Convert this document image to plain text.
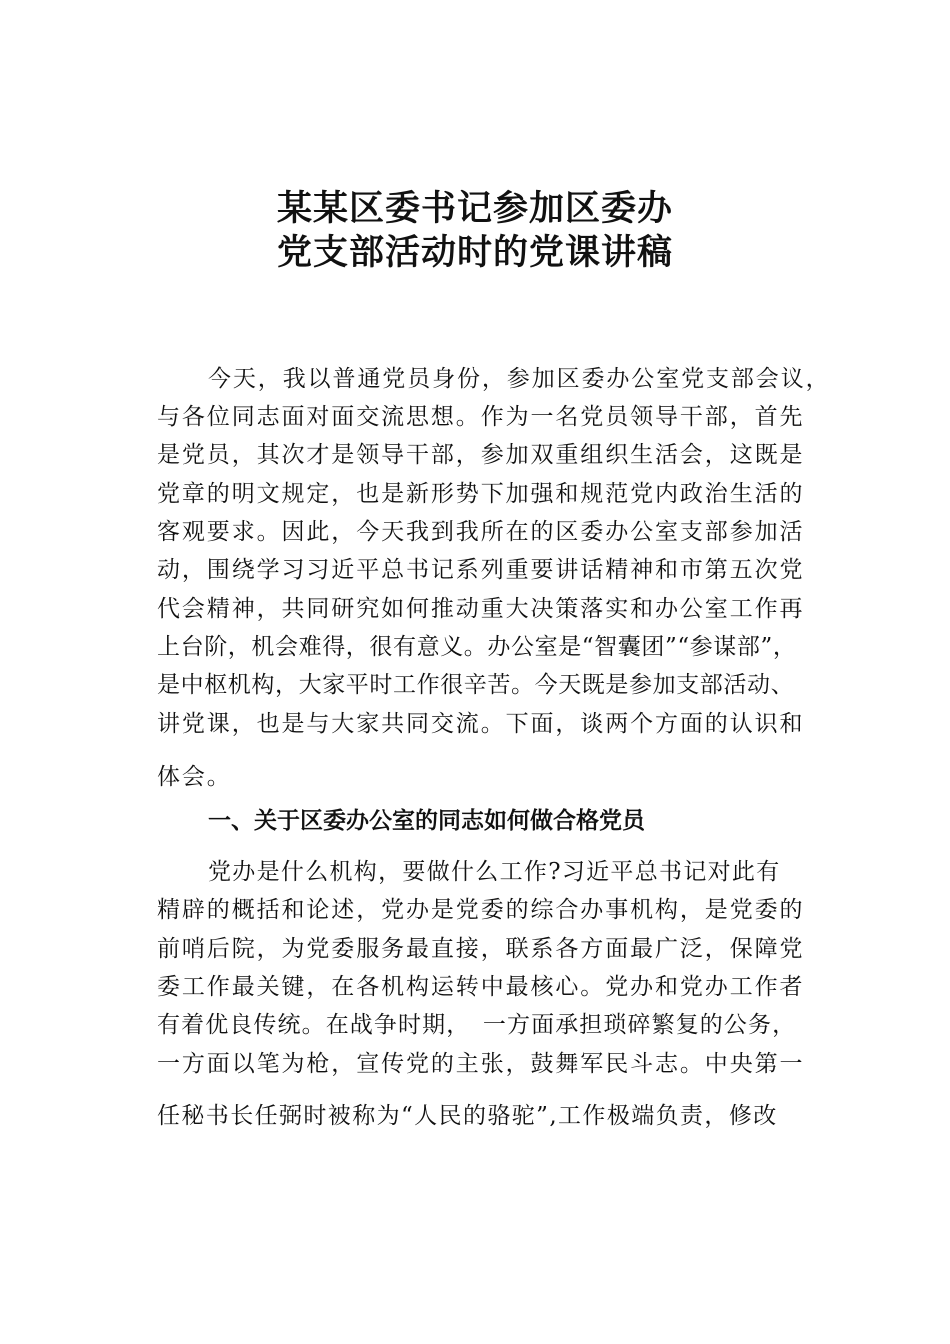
某某区委书记参加区委办
党支部活动时的党课讲稿
今天，我以普通党员身份，参加区委办公室党支部会议，
与各位同志面对面交流思想。作为一名党员领导干部，首先
是党员，其次才是领导干部，参加双重组织生活会，这既是
党章的明文规定，也是新形势下加强和规范党内政治生活的
客观要求。因此，今天我到我所在的区委办公室支部参加活
动，围绕学习习近平总书记系列重要讲话精神和市第五次党
代会精神，共同研究如何推动重大决策落实和办公室工作再
上台阶，机会难得，很有意义。办公室是“智囊团”“参谋部”，
是中枢机构，大家平时工作很辛苦。今天既是参加支部活动、
讲党课，也是与大家共同交流。下面，谈两个方面的认识和
体会。
一、关于区委办公室的同志如何做合格党员
党办是什么机构，要做什么工作?习近平总书记对此有
精辟的概括和论述，党办是党委的综合办事机构，是党委的
前哨后院，为党委服务最直接，联系各方面最广泛，保障党
委工作最关键，在各机构运转中最核心。党办和党办工作者
有着优良传统。在战争时期，　一方面承担琐碎繁复的公务，
一方面以笔为枪，宣传党的主张，鼓舞军民斗志。中央第一
任秘书长任弼时被称为“人民的骆驼”,工作极端负责，修改
